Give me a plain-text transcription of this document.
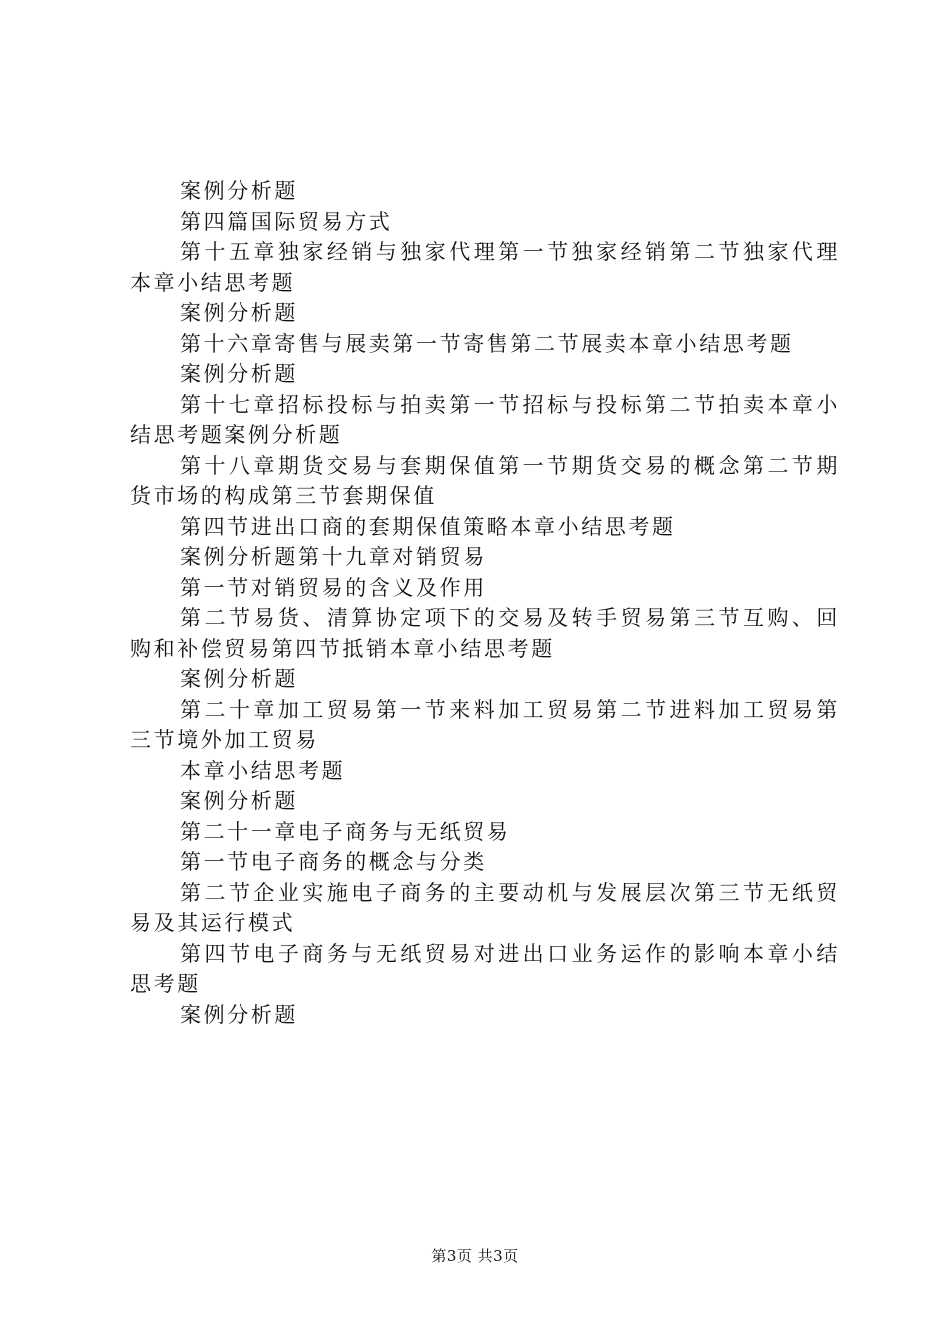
案例分析题

第四篇国际贸易方式

第十五章独家经销与独家代理第一节独家经销第二节独家代理本章小结思考题

案例分析题

第十六章寄售与展卖第一节寄售第二节展卖本章小结思考题

案例分析题

第十七章招标投标与拍卖第一节招标与投标第二节拍卖本章小结思考题案例分析题

第十八章期货交易与套期保值第一节期货交易的概念第二节期货市场的构成第三节套期保值

第四节进出口商的套期保值策略本章小结思考题

案例分析题第十九章对销贸易

第一节对销贸易的含义及作用

第二节易货、清算协定项下的交易及转手贸易第三节互购、回购和补偿贸易第四节抵销本章小结思考题

案例分析题

第二十章加工贸易第一节来料加工贸易第二节进料加工贸易第三节境外加工贸易

本章小结思考题

案例分析题

第二十一章电子商务与无纸贸易

第一节电子商务的概念与分类

第二节企业实施电子商务的主要动机与发展层次第三节无纸贸易及其运行模式

第四节电子商务与无纸贸易对进出口业务运作的影响本章小结思考题

案例分析题

第3页 共3页
